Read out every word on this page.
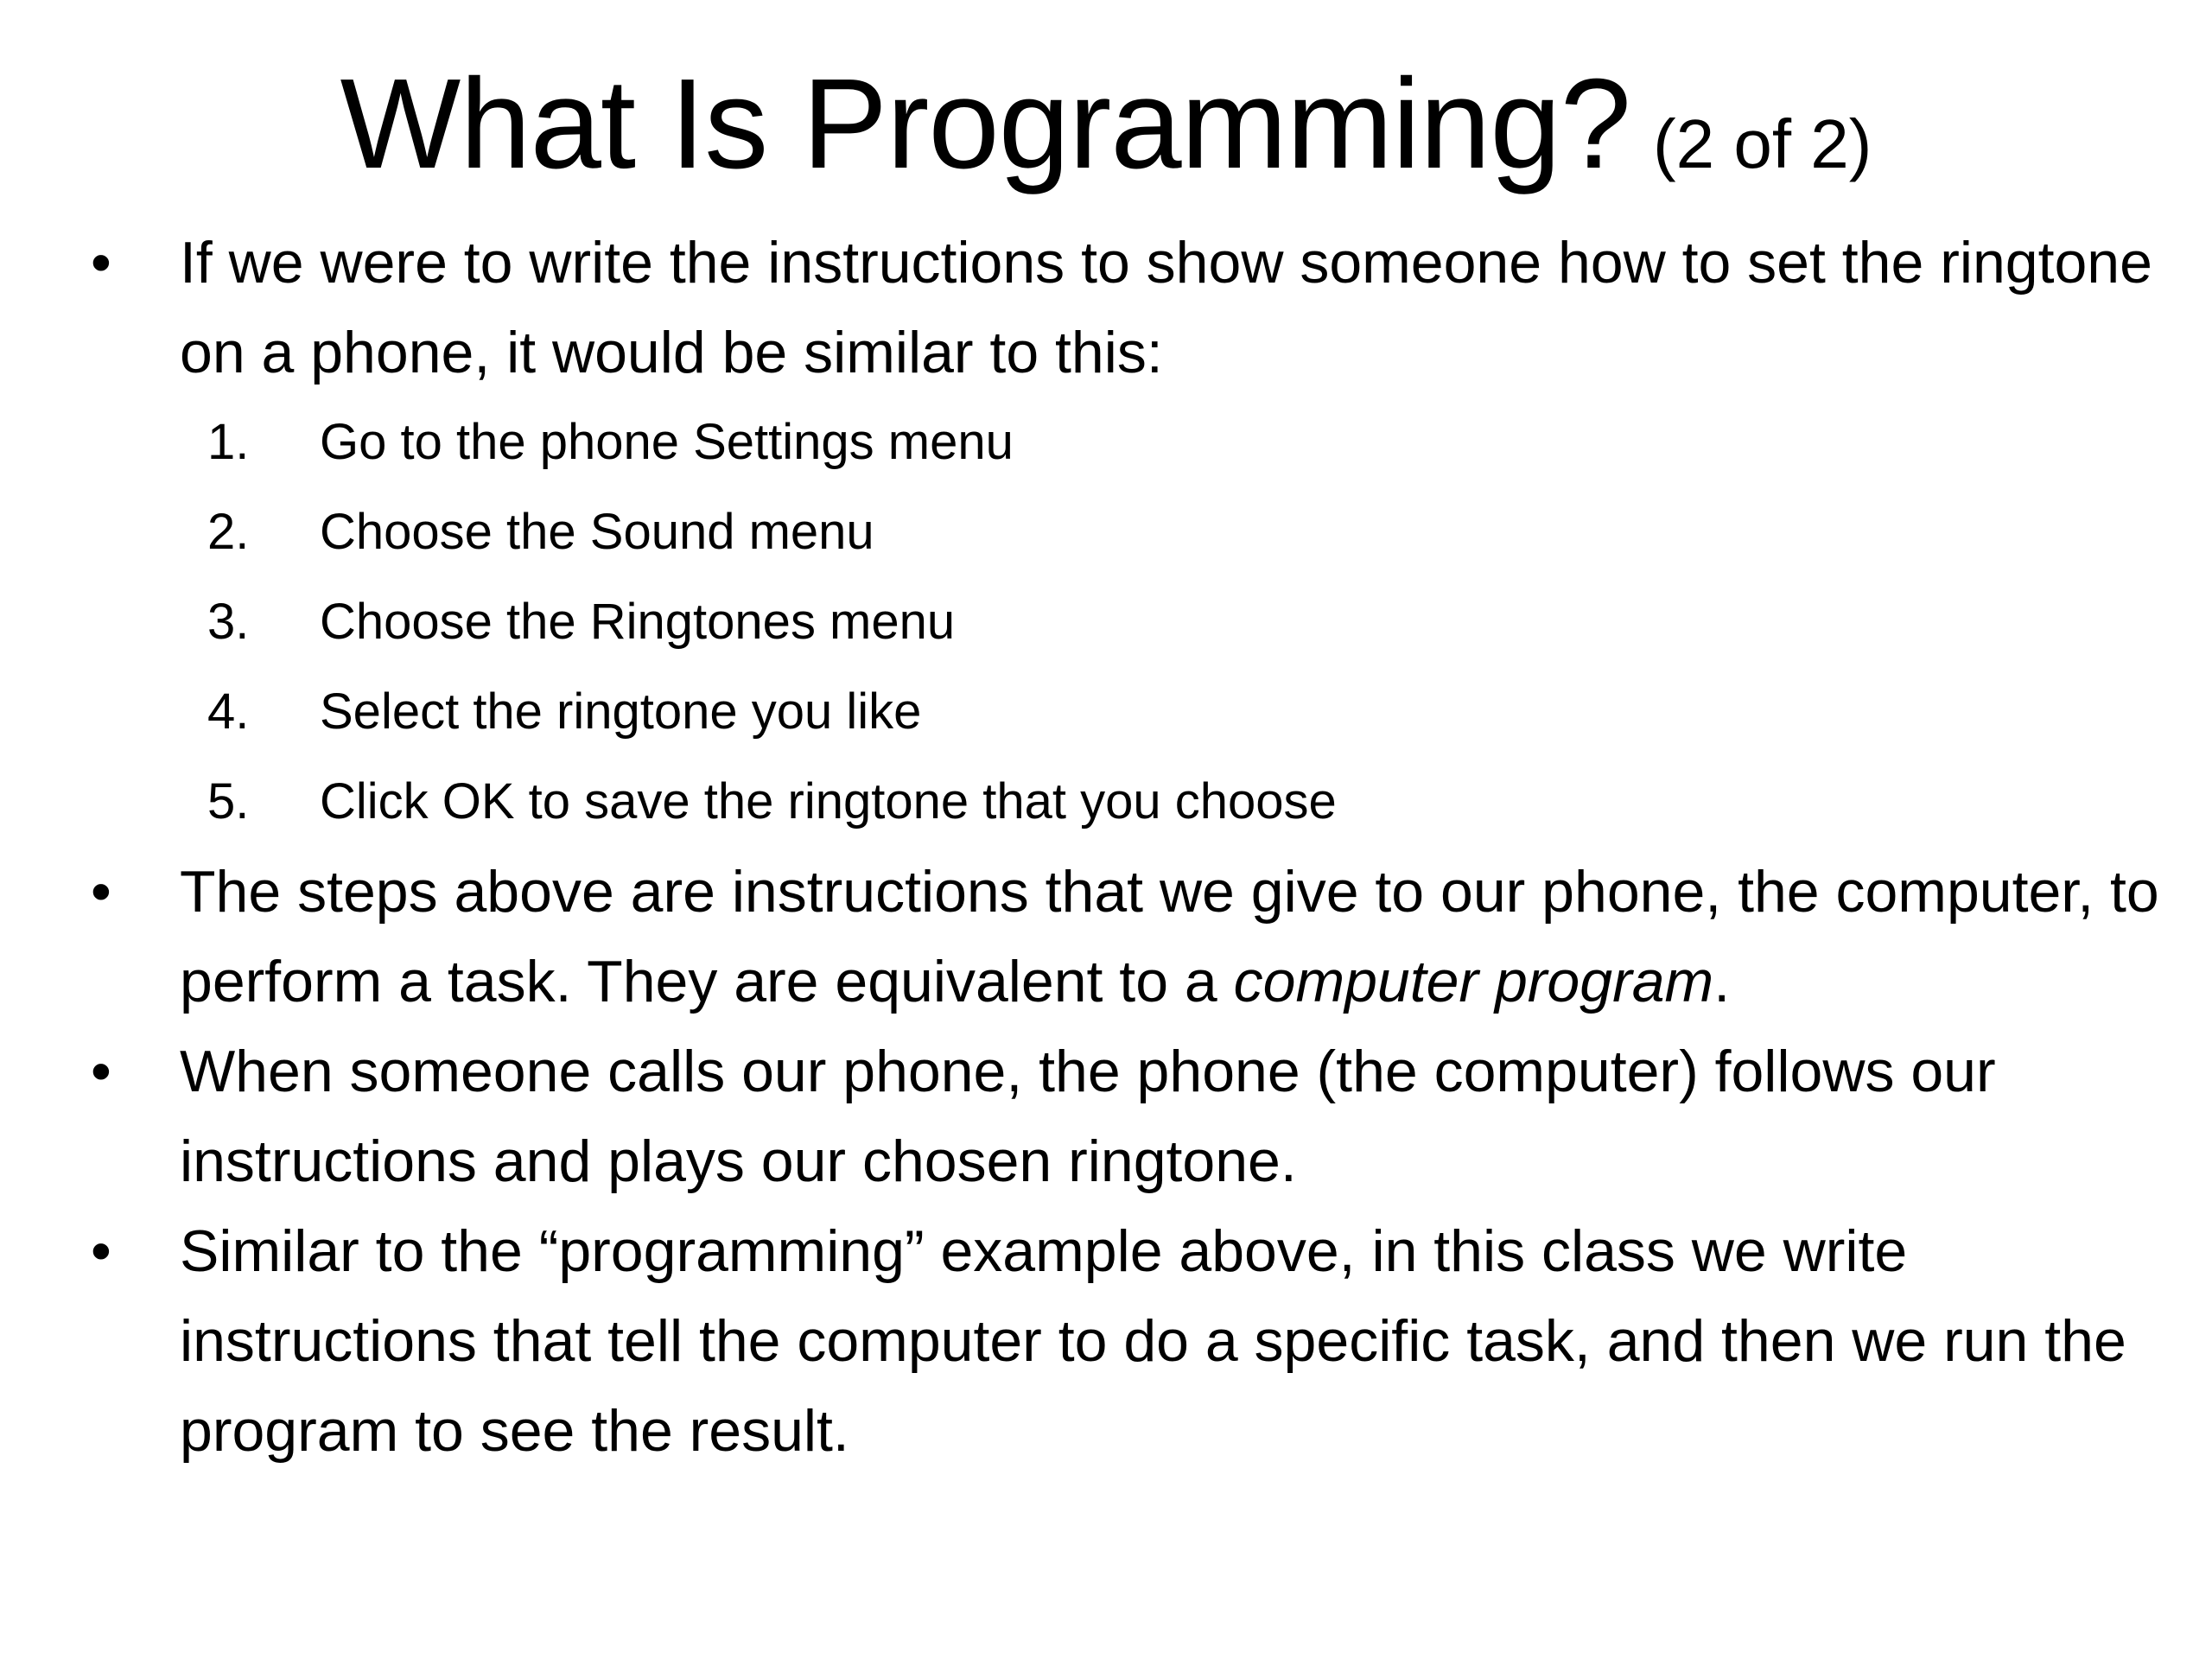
What Is Programming? (2 of 2)
• If we were to write the instructions to show someone how to set the ringtone on a phone, it would be similar to this:
1. Go to the phone Settings menu
2. Choose the Sound menu
3. Choose the Ringtones menu
4. Select the ringtone you like
5. Click OK to save the ringtone that you choose
• The steps above are instructions that we give to our phone, the computer, to perform a task. They are equivalent to a computer program.
• When someone calls our phone, the phone (the computer) follows our instructions and plays our chosen ringtone.
• Similar to the “programming” example above, in this class we write instructions that tell the computer to do a specific task, and then we run the program to see the result.
